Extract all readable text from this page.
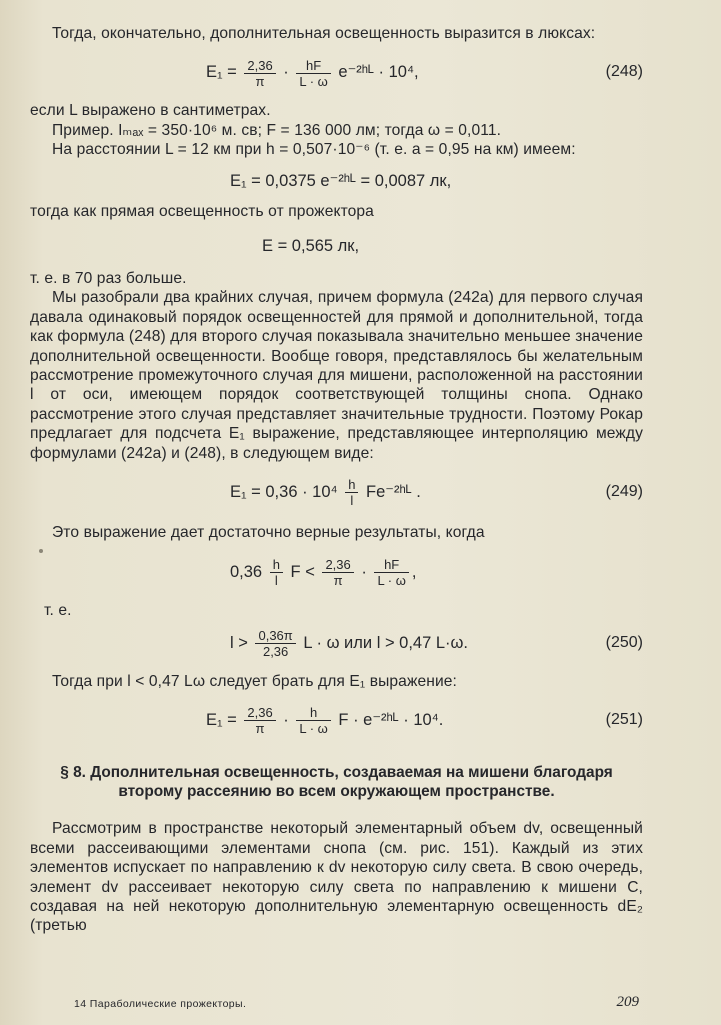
Тогда, окончательно, дополнительная освещенность выразится в люксах:

$E_1 = \frac{2,36}{\pi} \cdot \frac{hF}{L \cdot \omega}$ e⁻²ʰᴸ · 10⁴,	(248)

если L выражено в сантиметрах.

Пример. Iₘₐₓ = 350·10⁶ м. св; F = 136 000 лм; тогда ω = 0,011.

На расстоянии L = 12 км при h = 0,507·10⁻⁶ (т. е. a = 0,95 на км) имеем:

E₁ = 0,0375 e⁻²ʰᴸ = 0,0087 лк,

тогда как прямая освещенность от прожектора

E = 0,565 лк,

т. е. в 70 раз больше.

Мы разобрали два крайних случая, причем формула (242а) для первого случая давала одинаковый порядок освещенностей для прямой и дополнительной, тогда как формула (248) для второго случая показывала значительно меньшее значение дополнительной освещенности. Вообще говоря, представлялось бы желательным рассмотрение промежуточного случая для мишени, расположенной на расстоянии l от оси, имеющем порядок соответствующей толщины снопа. Однако рассмотрение этого случая представляет значительные трудности. Поэтому Рокар предлагает для подсчета E₁ выражение, представляющее интерполяцию между формулами (242а) и (248), в следующем виде:

$E_1 = 0,36 \cdot 10^4 \frac{h}{l}$ Fe⁻²ʰᴸ .	(249)

Это выражение дает достаточно верные результаты, когда

$0,36 \frac{h}{l}$ $F < \frac{2,36}{\pi} \cdot \frac{hF}{L \cdot \omega}$ ,

т. е.

$l > \frac{0,36\pi}{2,36}$ L · ω или l > 0,47 L·ω.	(250)

Тогда при l < 0,47 Lω следует брать для E₁ выражение:

$E_1 = \frac{2,36}{\pi} \cdot \frac{h}{L \cdot \omega}$ F · e⁻²ʰᴸ · 10⁴.	(251)
§ 8. Дополнительная освещенность, создаваемая на мишени благодаря второму рассеянию во всем окружающем пространстве.

Рассмотрим в пространстве некоторый элементарный объем dv, освещенный всеми рассеивающими элементами снопа (см. рис. 151). Каждый из этих элементов испускает по направлению к dv некоторую силу света. В свою очередь, элемент dv рассеивает некоторую силу света по направлению к мишени C, создавая на ней некоторую дополнительную элементарную освещенность dE₂ (третью

14 Параболические прожекторы.	209
